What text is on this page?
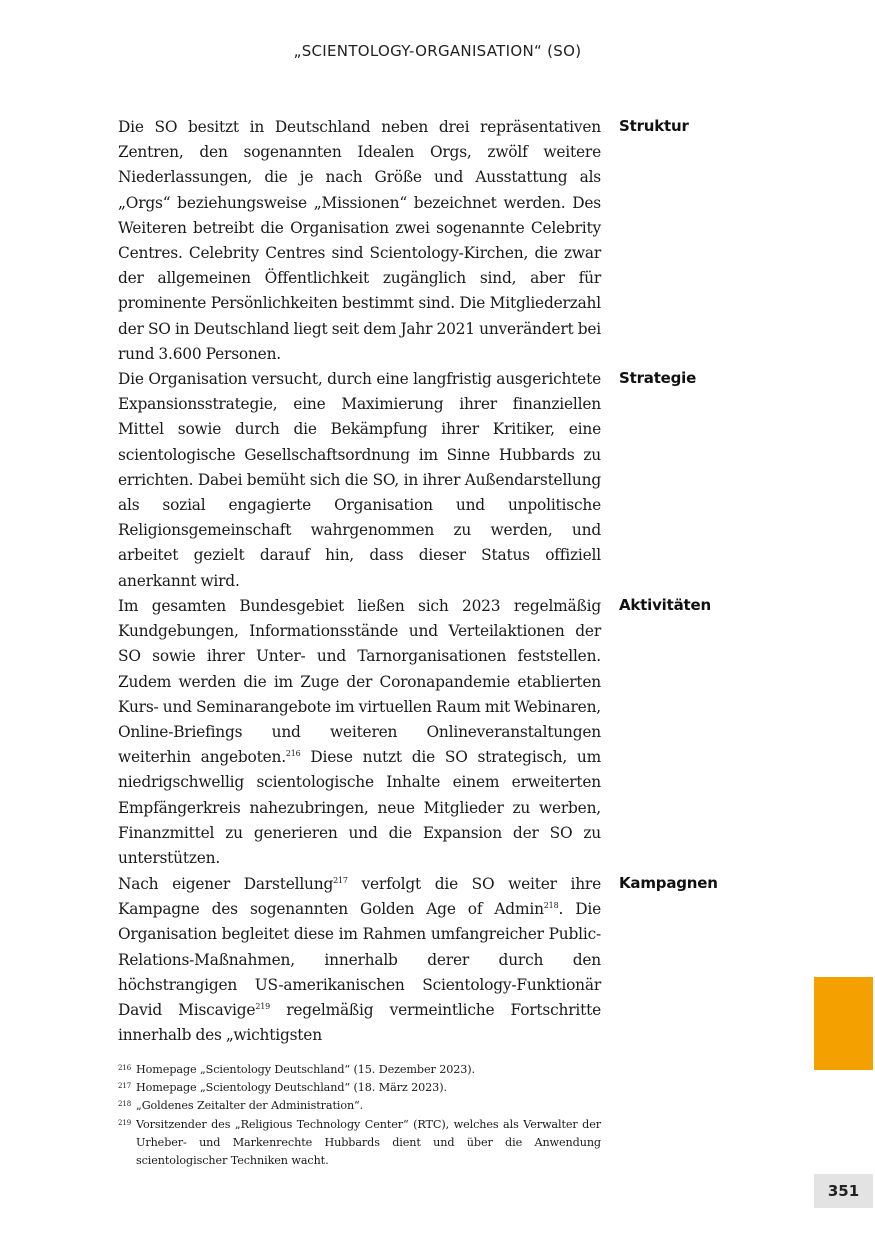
„SCIENTOLOGY-ORGANISATION“ (SO)

Die SO besitzt in Deutschland neben drei repräsentativen Zentren, den sogenannten Idealen Orgs, zwölf weitere Niederlassungen, die je nach Größe und Ausstattung als „Orgs“ beziehungsweise „Missionen“ bezeichnet werden. Des Weiteren betreibt die Organisation zwei sogenannte Celebrity Centres. Celebrity Centres sind Scientology-Kirchen, die zwar der allgemeinen Öffentlichkeit zugänglich sind, aber für prominente Persönlichkeiten bestimmt sind. Die Mitgliederzahl der SO in Deutschland liegt seit dem Jahr 2021 unverändert bei rund 3.600 Personen.

Struktur

Die Organisation versucht, durch eine langfristig ausgerichtete Expansionsstrategie, eine Maximierung ihrer finanziellen Mittel sowie durch die Bekämpfung ihrer Kritiker, eine scientologische Gesellschaftsordnung im Sinne Hubbards zu errichten. Dabei bemüht sich die SO, in ihrer Außendarstellung als sozial engagierte Organisation und unpolitische Religionsgemeinschaft wahrgenommen zu werden, und arbeitet gezielt darauf hin, dass dieser Status offiziell anerkannt wird.

Strategie

Im gesamten Bundesgebiet ließen sich 2023 regelmäßig Kundgebungen, Informationsstände und Verteilaktionen der SO sowie ihrer Unter- und Tarnorganisationen feststellen. Zudem werden die im Zuge der Coronapandemie etablierten Kurs- und Seminarangebote im virtuellen Raum mit Webinaren, Online-Briefings und weiteren Onlineveranstaltungen weiterhin angeboten.$^{216}$ Diese nutzt die SO strategisch, um niedrigschwellig scientologische Inhalte einem erweiterten Empfängerkreis nahezubringen, neue Mitglieder zu werben, Finanzmittel zu generieren und die Expansion der SO zu unterstützen.

Aktivitäten

Nach eigener Darstellung$^{217}$ verfolgt die SO weiter ihre Kampagne des sogenannten Golden Age of Admin$^{218}$. Die Organisation begleitet diese im Rahmen umfangreicher Public-Relations-Maßnahmen, innerhalb derer durch den höchstrangigen US-amerikanischen Scientology-Funktionär David Miscavige$^{219}$ regelmäßig vermeintliche Fortschritte innerhalb des „wichtigsten

Kampagnen
216 Homepage „Scientology Deutschland“ (15. Dezember 2023).
217 Homepage „Scientology Deutschland“ (18. März 2023).
218 „Goldenes Zeitalter der Administration“.
219 Vorsitzender des „Religious Technology Center“ (RTC), welches als Verwalter der Urheber- und Markenrechte Hubbards dient und über die Anwendung scientologischer Techniken wacht.
351
